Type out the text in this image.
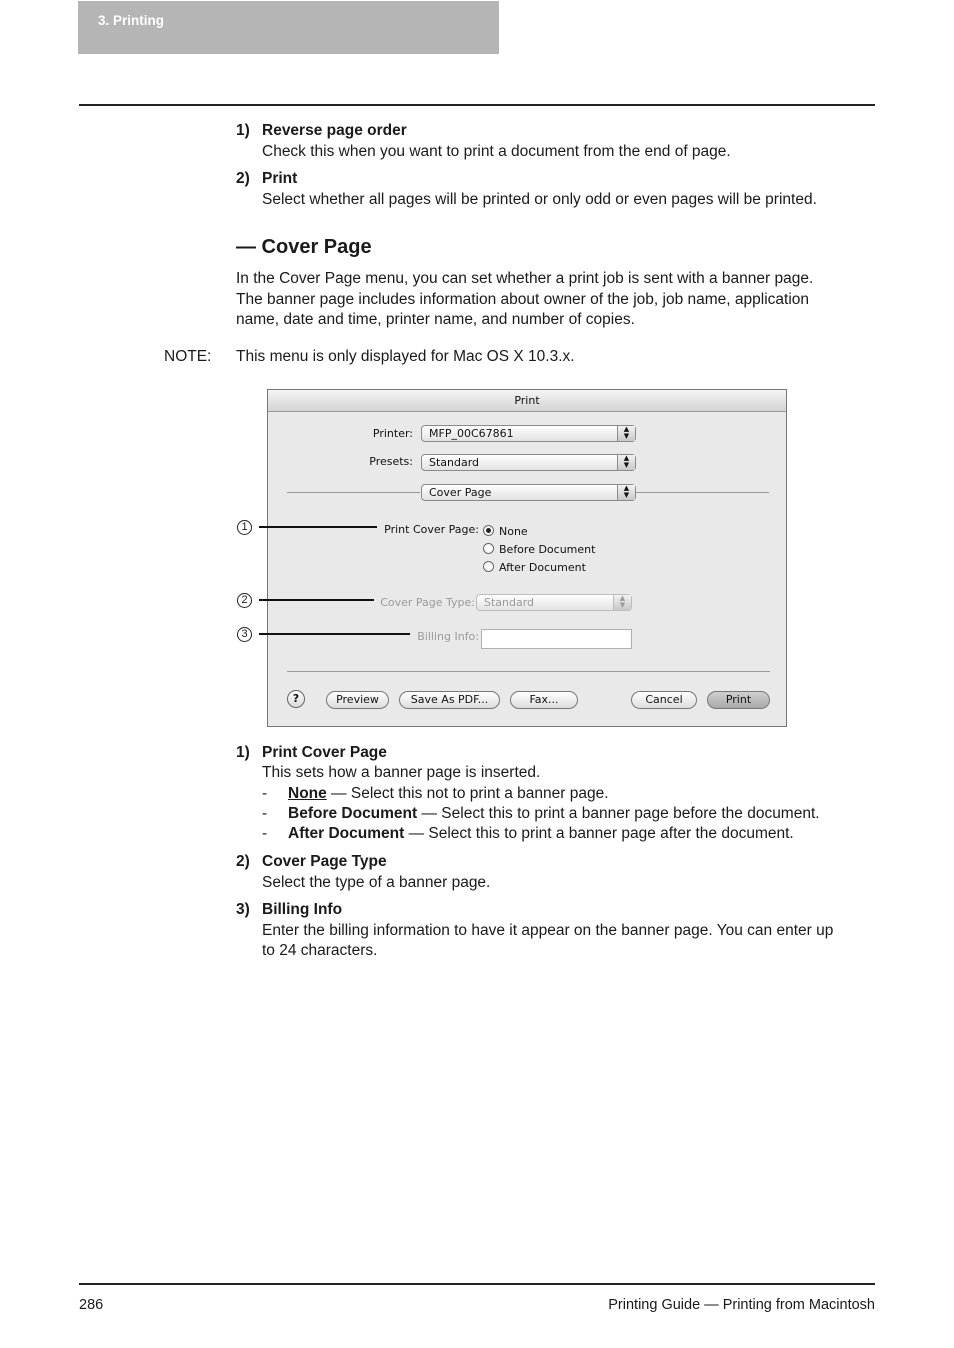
3. Printing
1) Reverse page order
Check this when you want to print a document from the end of page.
2) Print
Select whether all pages will be printed or only odd or even pages will be printed.
— Cover Page
In the Cover Page menu, you can set whether a print job is sent with a banner page.
The banner page includes information about owner of the job, job name, application
name, date and time, printer name, and number of copies.
NOTE: This menu is only displayed for Mac OS X 10.3.x.
Print
Printer:	MFP_00C67861	▲
▼
Presets:	Standard	▲
▼
Cover Page	▲
▼
Print Cover Page: None
Before Document
After Document
Cover Page Type: Standard	▲
▼
Billing Info:
?	Preview	Save As PDF...	Fax...	Cancel	Print
1
2
3
1) Print Cover Page
This sets how a banner page is inserted.
- None — Select this not to print a banner page.
- Before Document — Select this to print a banner page before the document.
- After Document — Select this to print a banner page after the document.
2) Cover Page Type
Select the type of a banner page.
3) Billing Info
Enter the billing information to have it appear on the banner page. You can enter up
to 24 characters.
286	Printing Guide — Printing from Macintosh
